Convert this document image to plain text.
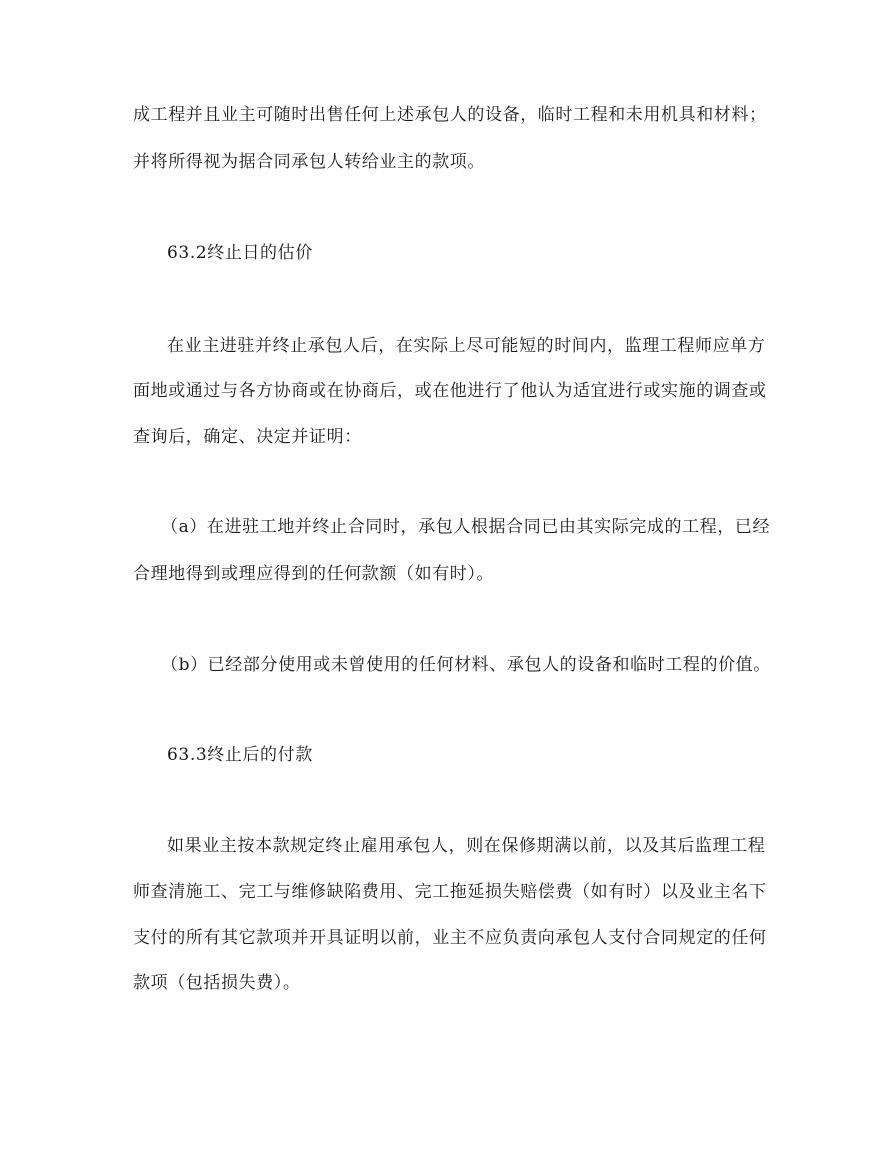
成工程并且业主可随时出售任何上述承包人的设备，临时工程和未用机具和材料；
并将所得视为据合同承包人转给业主的款项。
63.2终止日的估价
在业主进驻并终止承包人后，在实际上尽可能短的时间内，监理工程师应单方
面地或通过与各方协商或在协商后，或在他进行了他认为适宜进行或实施的调查或
查询后，确定、决定并证明：
（a）在进驻工地并终止合同时，承包人根据合同已由其实际完成的工程，已经
合理地得到或理应得到的任何款额（如有时）。
（b）已经部分使用或未曾使用的任何材料、承包人的设备和临时工程的价值。
63.3终止后的付款
如果业主按本款规定终止雇用承包人，则在保修期满以前，以及其后监理工程
师查清施工、完工与维修缺陷费用、完工拖延损失赔偿费（如有时）以及业主名下
支付的所有其它款项并开具证明以前，业主不应负责向承包人支付合同规定的任何
款项（包括损失费）。
